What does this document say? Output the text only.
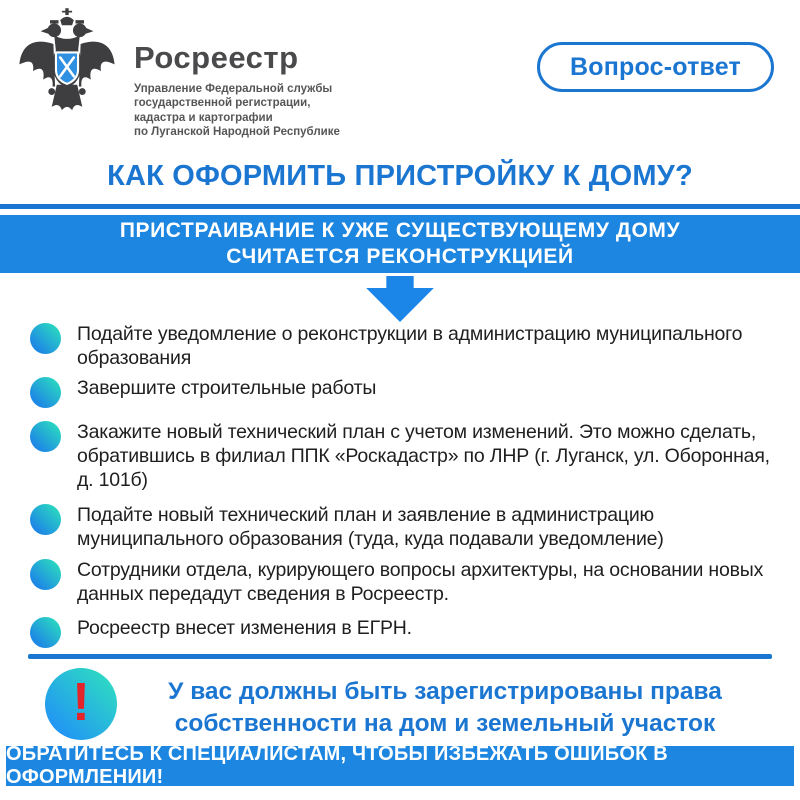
Росреестр
Управление Федеральной службы
государственной регистрации,
кадастра и картографии
по Луганской Народной Республике
Вопрос-ответ
КАК ОФОРМИТЬ ПРИСТРОЙКУ К ДОМУ?
ПРИСТРАИВАНИЕ К УЖЕ СУЩЕСТВУЮЩЕМУ ДОМУ СЧИТАЕТСЯ РЕКОНСТРУКЦИЕЙ
Подайте уведомление о реконструкции в администрацию муниципального образования
Завершите строительные работы
Закажите новый технический план с учетом изменений. Это можно сделать, обратившись в филиал ППК «Роскадастр» по ЛНР (г. Луганск, ул. Оборонная, д. 101б)
Подайте новый технический план и заявление в администрацию муниципального образования (туда, куда подавали уведомление)
Сотрудники отдела, курирующего вопросы архитектуры, на основании новых данных передадут сведения в Росреестр.
Росреестр внесет изменения в ЕГРН.
!	У вас должны быть зарегистрированы права собственности на дом и земельный участок
ОБРАТИТЕСЬ К СПЕЦИАЛИСТАМ, ЧТОБЫ ИЗБЕЖАТЬ ОШИБОК В ОФОРМЛЕНИИ!
